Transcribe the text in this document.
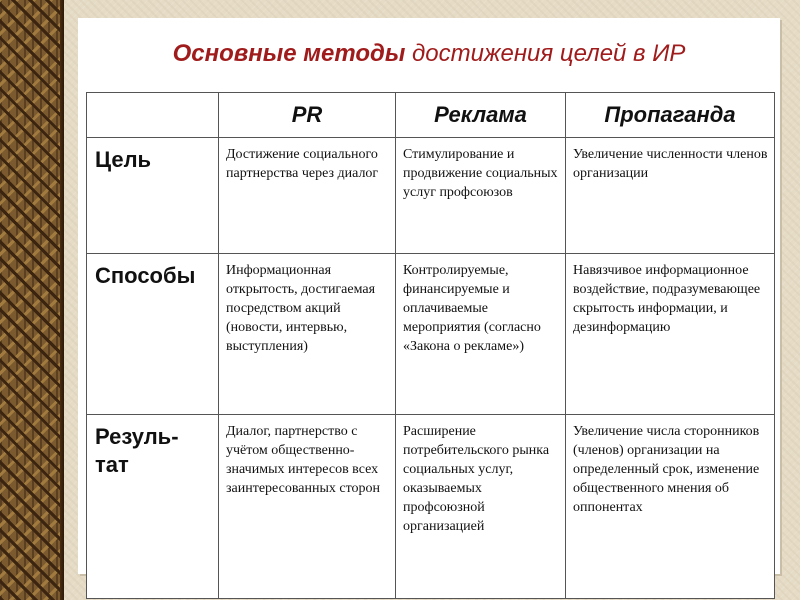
Основные методы достижения целей в ИР
	PR	Реклама	Пропаганда
Цель	Достижение социального партнерства через диалог	Стимулирование и продвижение социальных услуг профсоюзов	Увеличение численности членов организации
Способы	Информационная открытость, достигаемая посредством акций (новости, интервью, выступления)	Контролируемые, финансируемые и оплачиваемые мероприятия (согласно «Закона о рекламе»)	Навязчивое информационное воздействие, подразумевающее скрытость информации, и дезинформацию
Резуль-
тат	Диалог, партнерство с учётом общественно-значимых интересов всех заинтересованных сторон	Расширение потребительского рынка социальных услуг, оказываемых профсоюзной организацией	Увеличение числа сторонников (членов) организации на определенный срок, изменение общественного мнения об оппонентах
